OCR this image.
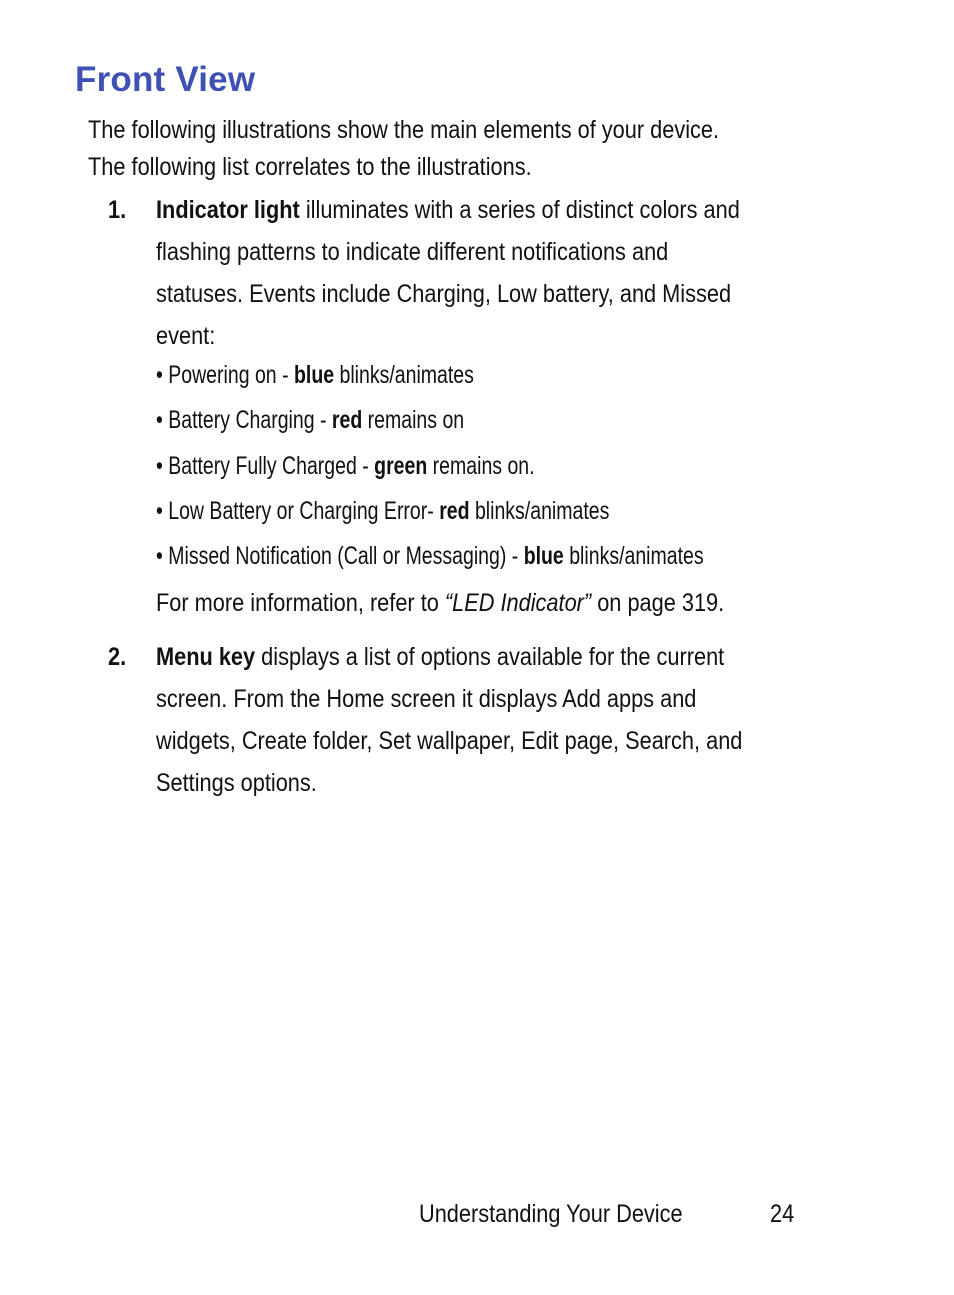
Front View
The following illustrations show the main elements of your device.
The following list correlates to the illustrations.
1. Indicator light illuminates with a series of distinct colors and
flashing patterns to indicate different notifications and
statuses. Events include Charging, Low battery, and Missed
event:

• Powering on - blue blinks/animates
• Battery Charging - red remains on
• Battery Fully Charged - green remains on.
• Low Battery or Charging Error- red blinks/animates
• Missed Notification (Call or Messaging) - blue blinks/animates
For more information, refer to “LED Indicator” on page 319.
2. Menu key displays a list of options available for the current
screen. From the Home screen it displays Add apps and
widgets, Create folder, Set wallpaper, Edit page, Search, and
Settings options.

Understanding Your Device	24
